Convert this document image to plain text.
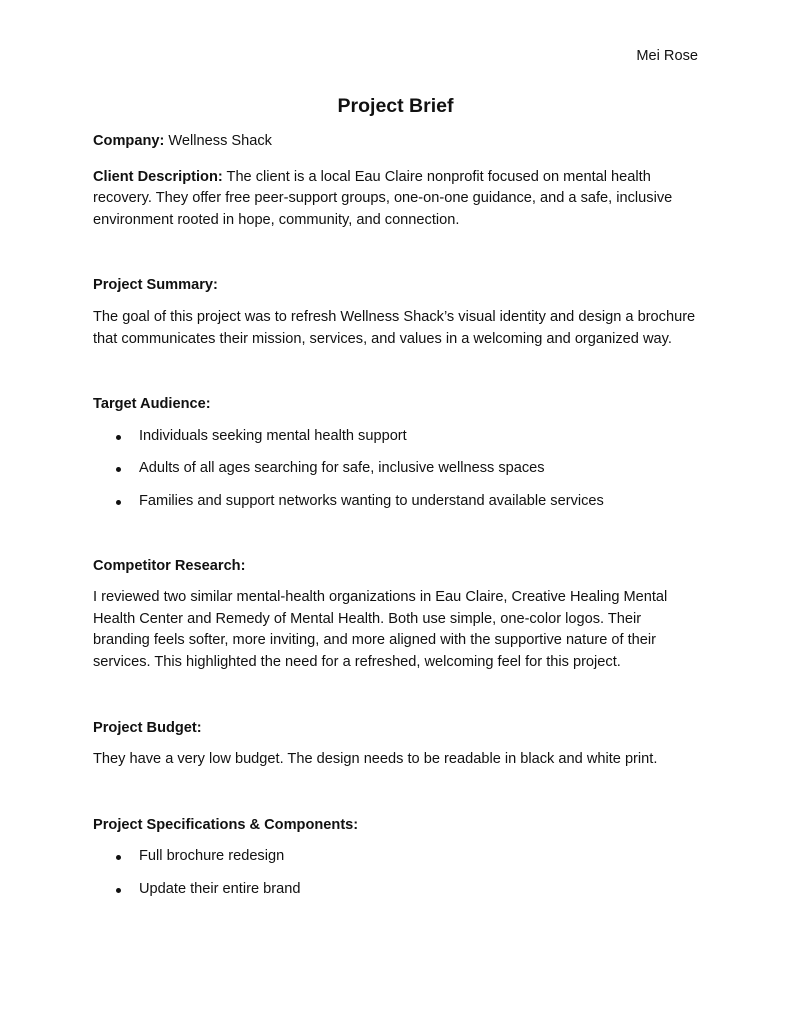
Mei Rose
Project Brief

Company: Wellness Shack

Client Description: The client is a local Eau Claire nonprofit focused on mental health recovery. They offer free peer-support groups, one-on-one guidance, and a safe, inclusive environment rooted in hope, community, and connection.

Project Summary:

The goal of this project was to refresh Wellness Shack’s visual identity and design a brochure that communicates their mission, services, and values in a welcoming and organized way.

Target Audience:

Individuals seeking mental health support
Adults of all ages searching for safe, inclusive wellness spaces
Families and support networks wanting to understand available services

Competitor Research:

I reviewed two similar mental-health organizations in Eau Claire, Creative Healing Mental Health Center and Remedy of Mental Health. Both use simple, one-color logos. Their branding feels softer, more inviting, and more aligned with the supportive nature of their services. This highlighted the need for a refreshed, welcoming feel for this project.

Project Budget:

They have a very low budget. The design needs to be readable in black and white print.

Project Specifications & Components:

Full brochure redesign
Update their entire brand
